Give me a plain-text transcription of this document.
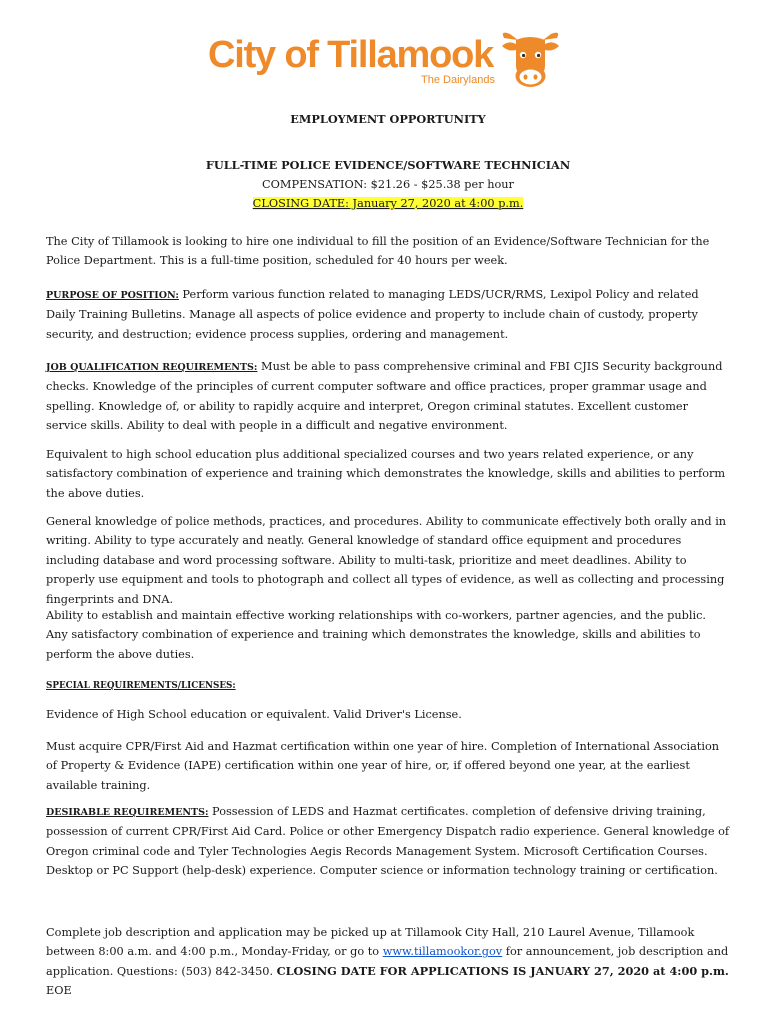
City of Tillamook
The Dairylands
EMPLOYMENT OPPORTUNITY
FULL-TIME POLICE EVIDENCE/SOFTWARE TECHNICIAN
COMPENSATION: $21.26 - $25.38 per hour
CLOSING DATE: January 27, 2020 at 4:00 p.m.

The City of Tillamook is looking to hire one individual to fill the position of an Evidence/Software Technician for the Police Department. This is a full-time position, scheduled for 40 hours per week.

PURPOSE OF POSITION: Perform various function related to managing LEDS/UCR/RMS, Lexipol Policy and related Daily Training Bulletins. Manage all aspects of police evidence and property to include chain of custody, property security, and destruction; evidence process supplies, ordering and management.

JOB QUALIFICATION REQUIREMENTS: Must be able to pass comprehensive criminal and FBI CJIS Security background checks. Knowledge of the principles of current computer software and office practices, proper grammar usage and spelling. Knowledge of, or ability to rapidly acquire and interpret, Oregon criminal statutes. Excellent customer service skills. Ability to deal with people in a difficult and negative environment.

Equivalent to high school education plus additional specialized courses and two years related experience, or any satisfactory combination of experience and training which demonstrates the knowledge, skills and abilities to perform the above duties.

General knowledge of police methods, practices, and procedures. Ability to communicate effectively both orally and in writing. Ability to type accurately and neatly. General knowledge of standard office equipment and procedures including database and word processing software. Ability to multi-task, prioritize and meet deadlines. Ability to properly use equipment and tools to photograph and collect all types of evidence, as well as collecting and processing fingerprints and DNA.

Ability to establish and maintain effective working relationships with co-workers, partner agencies, and the public. Any satisfactory combination of experience and training which demonstrates the knowledge, skills and abilities to perform the above duties.

SPECIAL REQUIREMENTS/LICENSES:

Evidence of High School education or equivalent. Valid Driver's License.

Must acquire CPR/First Aid and Hazmat certification within one year of hire. Completion of International Association of Property & Evidence (IAPE) certification within one year of hire, or, if offered beyond one year, at the earliest available training.

DESIRABLE REQUIREMENTS: Possession of LEDS and Hazmat certificates. completion of defensive driving training, possession of current CPR/First Aid Card. Police or other Emergency Dispatch radio experience. General knowledge of Oregon criminal code and Tyler Technologies Aegis Records Management System. Microsoft Certification Courses. Desktop or PC Support (help-desk) experience. Computer science or information technology training or certification.

Complete job description and application may be picked up at Tillamook City Hall, 210 Laurel Avenue, Tillamook between 8:00 a.m. and 4:00 p.m., Monday-Friday, or go to www.tillamookor.gov for announcement, job description and application. Questions: (503) 842-3450. CLOSING DATE FOR APPLICATIONS IS JANUARY 27, 2020 at 4:00 p.m. EOE
